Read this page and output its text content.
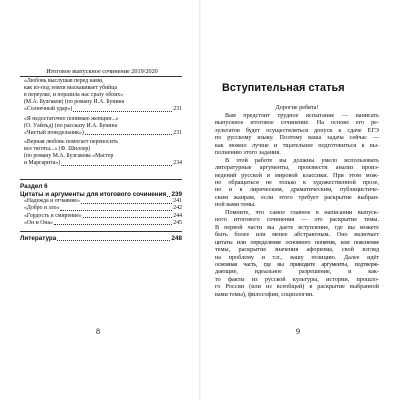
Итоговое выпускное сочинение 2019/2020
«Любовь выслушав перед нами,
как из-под земли выскакивает убийца
в переулке, и поразила нас сразу обоих»
(М.А. Булгаков) (по роману И.А. Бунина
«Солнечный удар»)	231
«Я недостаточно понимаю женщин...»
(О. Уайльд) (по рассказу И.А. Бунина
«Чистый понедельник»)	231
«Верная любовь помогает переносить
все тяготы...» (Ф. Шиллер)
(по роману М.А. Булгакова «Мастер
и Маргарита»)	234
Раздел 6
Цитаты и аргументы для итогового сочинения 239
«Надежда и отчаяние»	241
«Добро и зло»	242
«Гордость и смирение»	244
«Он и Она»	245
Литература	248
8
Вступительная статья
Дорогие ребята!
Вам предстоит трудное испытание — написать
выпускное итоговое сочинение. На основе его ре-
зультатов будет осуществляться допуск к сдаче ЕГЭ
по русскому языку. Поэтому ваша задача сейчас —
как можно лучше и тщательнее подготовиться к вы-
полнению этого задания.
В этой работе вы должны умело использовать
литературные аргументы, произвести анализ произ-
ведений русской и мировой классики. При этом мож-
но обращаться не только к художественной прозе,
но и к лирическим, драматическим, публицистиче-
ским жанрам, если этого требует раскрытие выбран-
ной вами темы.
Помните, что самое главное в написании выпуск-
ного итогового сочинения — это раскрытие темы.
В первой части вы даете вступление, где вы можете
быть более или менее абстрактным. Оно включает
цитаты или определение основного понятия, или пояснение
темы, раскрытие значения афоризма, свой взгляд
на проблему и т.п., вашу позицию. Далее идёт
основная часть, где вы приводите аргументы, подтверж-
дающие, идеальное разрешение, и как-
то факты из русской культуры, истории, прошло-
го России (или из всеобщей) в раскрытие выбранной
вами темы), философии, социологии.
9
